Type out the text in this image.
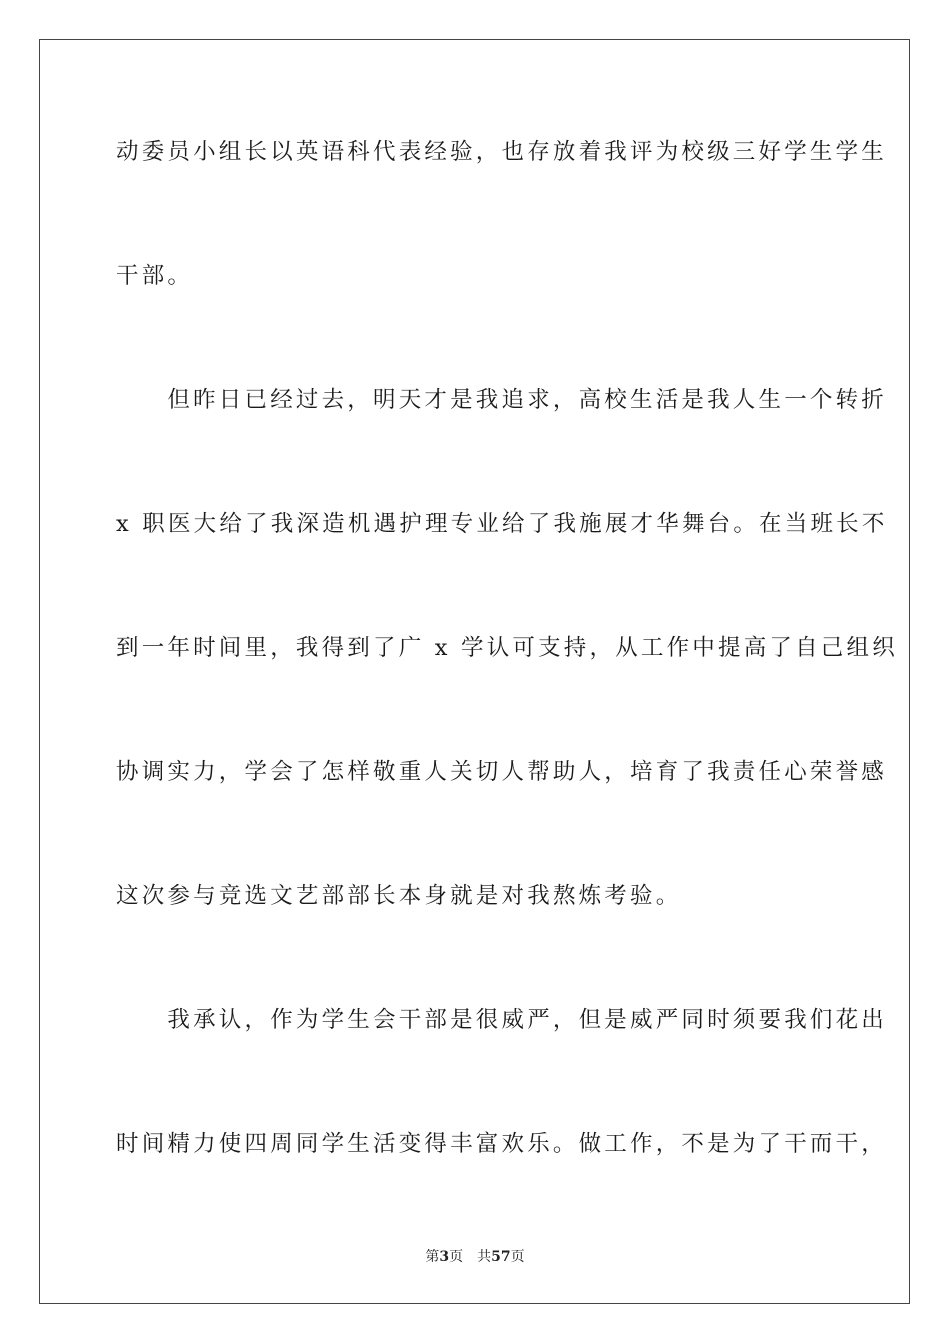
动委员小组长以英语科代表经验，也存放着我评为校级三好学生学生
干部。
　　但昨日已经过去，明天才是我追求，高校生活是我人生一个转折
x 职医大给了我深造机遇护理专业给了我施展才华舞台。在当班长不
到一年时间里，我得到了广 x 学认可支持，从工作中提高了自己组织
协调实力，学会了怎样敬重人关切人帮助人，培育了我责任心荣誉感
这次参与竞选文艺部部长本身就是对我熬炼考验。
　　我承认，作为学生会干部是很威严，但是威严同时须要我们花出
时间精力使四周同学生活变得丰富欢乐。做工作，不是为了干而干，
第3页 共57页
